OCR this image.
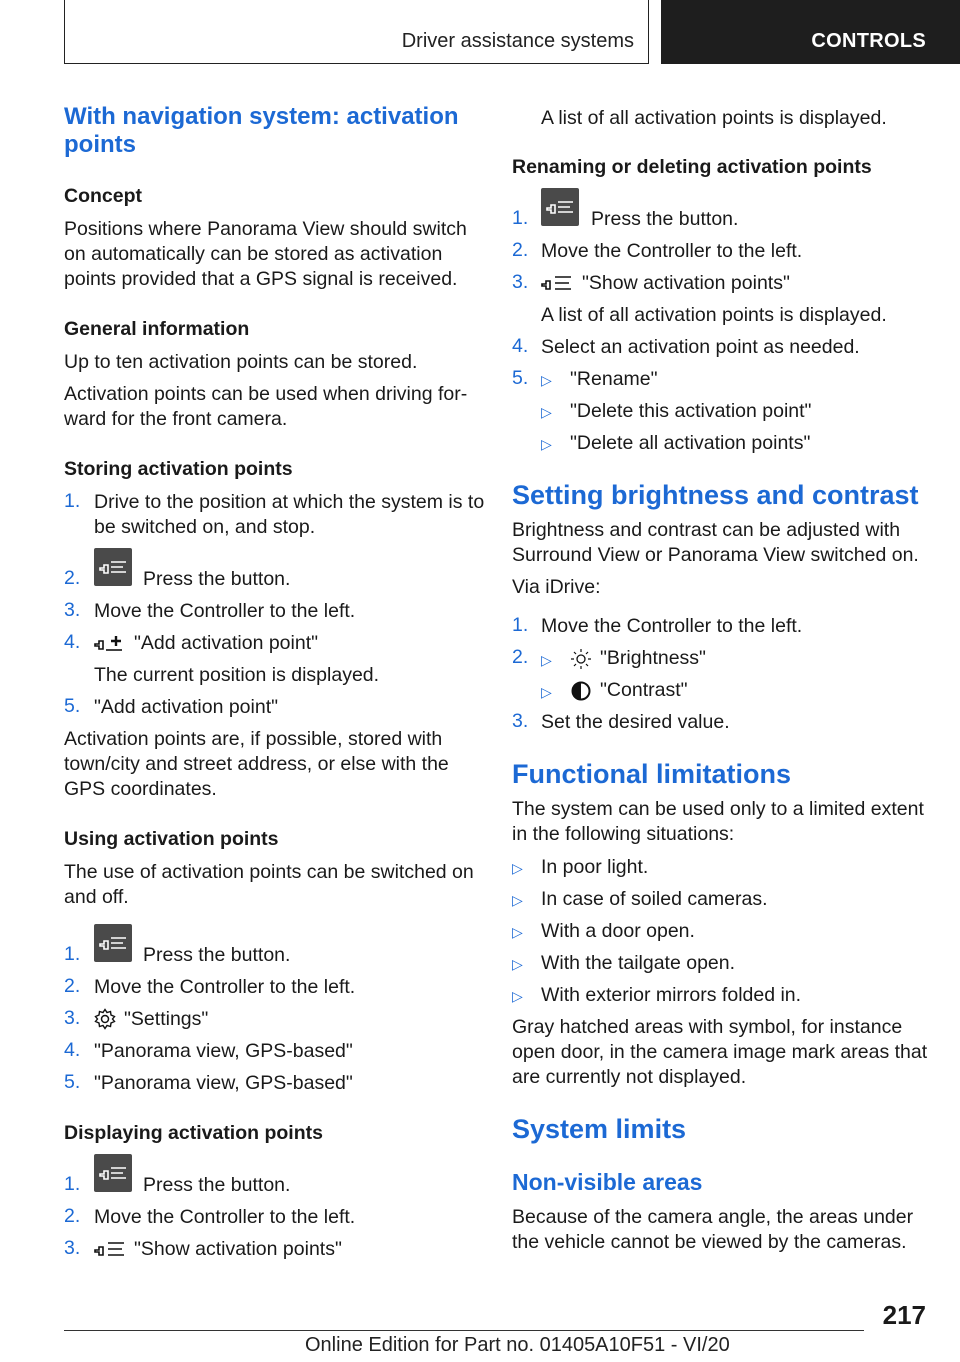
Driver assistance systems	CONTROLS
With navigation system: activation
points
Concept
Positions where Panorama View should switch
on automatically can be stored as activation
points provided that a GPS signal is received.
General information
Up to ten activation points can be stored.
Activation points can be used when driving for-
ward for the front camera.
Storing activation points
1. Drive to the position at which the system is to
be switched on, and stop.
2.	Press the button.
3. Move the Controller to the left.
4.	"Add activation point"
The current position is displayed.
5. "Add activation point"
Activation points are, if possible, stored with
town/city and street address, or else with the
GPS coordinates.
Using activation points
The use of activation points can be switched on
and off.
1.	Press the button.
2. Move the Controller to the left.
3. "Settings"
4. "Panorama view, GPS-based"
5. "Panorama view, GPS-based"
Displaying activation points
1.	Press the button.
2. Move the Controller to the left.
3.	"Show activation points"
A list of all activation points is displayed.
Renaming or deleting activation points
1.	Press the button.
2. Move the Controller to the left.
3.	"Show activation points"
A list of all activation points is displayed.
4. Select an activation point as needed.
5. ▷ "Rename"
▷ "Delete this activation point"
▷ "Delete all activation points"
Setting brightness and contrast
Brightness and contrast can be adjusted with
Surround View or Panorama View switched on.
Via iDrive:
1. Move the Controller to the left.
2. ▷ "Brightness"
▷ "Contrast"
3. Set the desired value.
Functional limitations
The system can be used only to a limited extent
in the following situations:
▷ In poor light.
▷ In case of soiled cameras.
▷ With a door open.
▷ With the tailgate open.
▷ With exterior mirrors folded in.
Gray hatched areas with symbol, for instance
open door, in the camera image mark areas that
are currently not displayed.
System limits
Non-visible areas
Because of the camera angle, the areas under
the vehicle cannot be viewed by the cameras.
217
Online Edition for Part no. 01405A10F51 - VI/20
